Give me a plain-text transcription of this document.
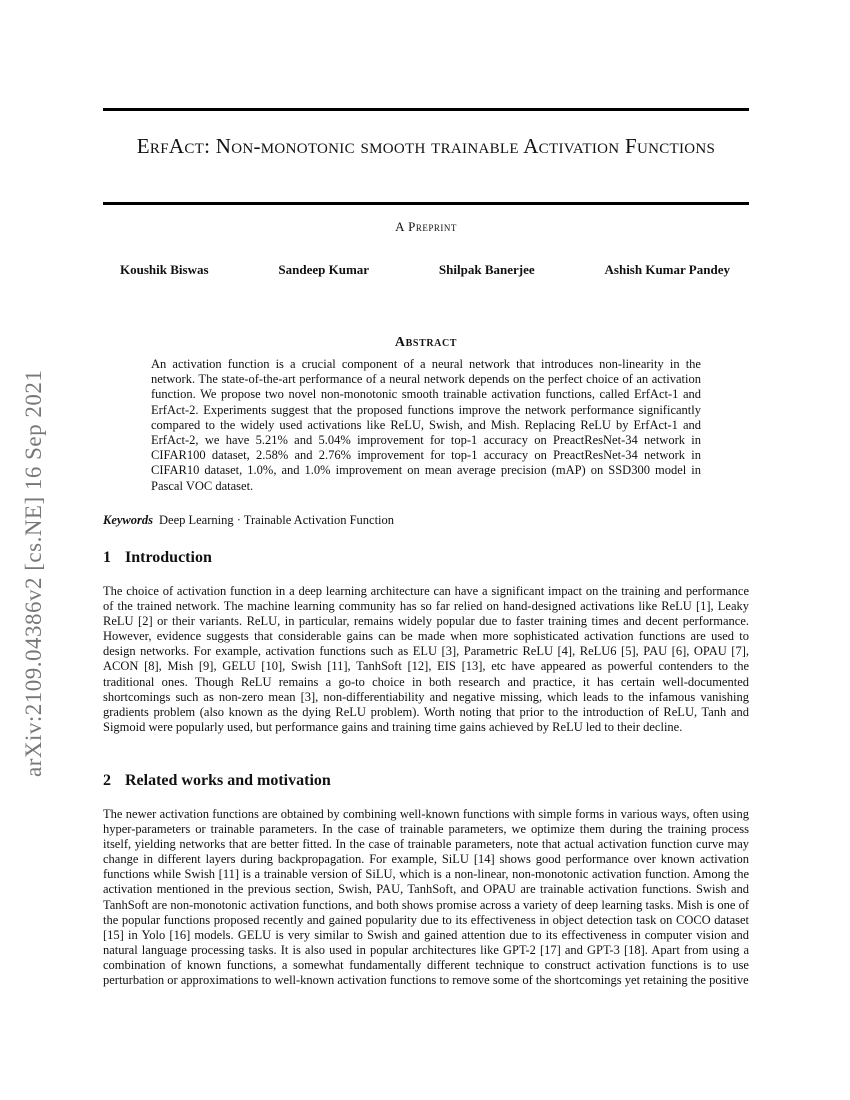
arXiv:2109.04386v2 [cs.NE] 16 Sep 2021
ErfAct: Non-monotonic smooth trainable Activation Functions
A Preprint
Koushik Biswas	Sandeep Kumar	Shilpak Banerjee	Ashish Kumar Pandey
Abstract
An activation function is a crucial component of a neural network that introduces non-linearity in the network. The state-of-the-art performance of a neural network depends on the perfect choice of an activation function. We propose two novel non-monotonic smooth trainable activation functions, called ErfAct-1 and ErfAct-2. Experiments suggest that the proposed functions improve the network performance significantly compared to the widely used activations like ReLU, Swish, and Mish. Replacing ReLU by ErfAct-1 and ErfAct-2, we have 5.21% and 5.04% improvement for top-1 accuracy on PreactResNet-34 network in CIFAR100 dataset, 2.58% and 2.76% improvement for top-1 accuracy on PreactResNet-34 network in CIFAR10 dataset, 1.0%, and 1.0% improvement on mean average precision (mAP) on SSD300 model in Pascal VOC dataset.
Keywords Deep Learning · Trainable Activation Function
1 Introduction
The choice of activation function in a deep learning architecture can have a significant impact on the training and performance of the trained network. The machine learning community has so far relied on hand-designed activations like ReLU [1], Leaky ReLU [2] or their variants. ReLU, in particular, remains widely popular due to faster training times and decent performance. However, evidence suggests that considerable gains can be made when more sophisticated activation functions are used to design networks. For example, activation functions such as ELU [3], Parametric ReLU [4], ReLU6 [5], PAU [6], OPAU [7], ACON [8], Mish [9], GELU [10], Swish [11], TanhSoft [12], EIS [13], etc have appeared as powerful contenders to the traditional ones. Though ReLU remains a go-to choice in both research and practice, it has certain well-documented shortcomings such as non-zero mean [3], non-differentiability and negative missing, which leads to the infamous vanishing gradients problem (also known as the dying ReLU problem). Worth noting that prior to the introduction of ReLU, Tanh and Sigmoid were popularly used, but performance gains and training time gains achieved by ReLU led to their decline.
2 Related works and motivation
The newer activation functions are obtained by combining well-known functions with simple forms in various ways, often using hyper-parameters or trainable parameters. In the case of trainable parameters, we optimize them during the training process itself, yielding networks that are better fitted. In the case of trainable parameters, note that actual activation function curve may change in different layers during backpropagation. For example, SiLU [14] shows good performance over known activation functions while Swish [11] is a trainable version of SiLU, which is a non-linear, non-monotonic activation function. Among the activation mentioned in the previous section, Swish, PAU, TanhSoft, and OPAU are trainable activation functions. Swish and TanhSoft are non-monotonic activation functions, and both shows promise across a variety of deep learning tasks. Mish is one of the popular functions proposed recently and gained popularity due to its effectiveness in object detection task on COCO dataset [15] in Yolo [16] models. GELU is very similar to Swish and gained attention due to its effectiveness in computer vision and natural language processing tasks. It is also used in popular architectures like GPT-2 [17] and GPT-3 [18]. Apart from using a combination of known functions, a somewhat fundamentally different technique to construct activation functions is to use perturbation or approximations to well-known activation functions to remove some of the shortcomings yet retaining the positive
